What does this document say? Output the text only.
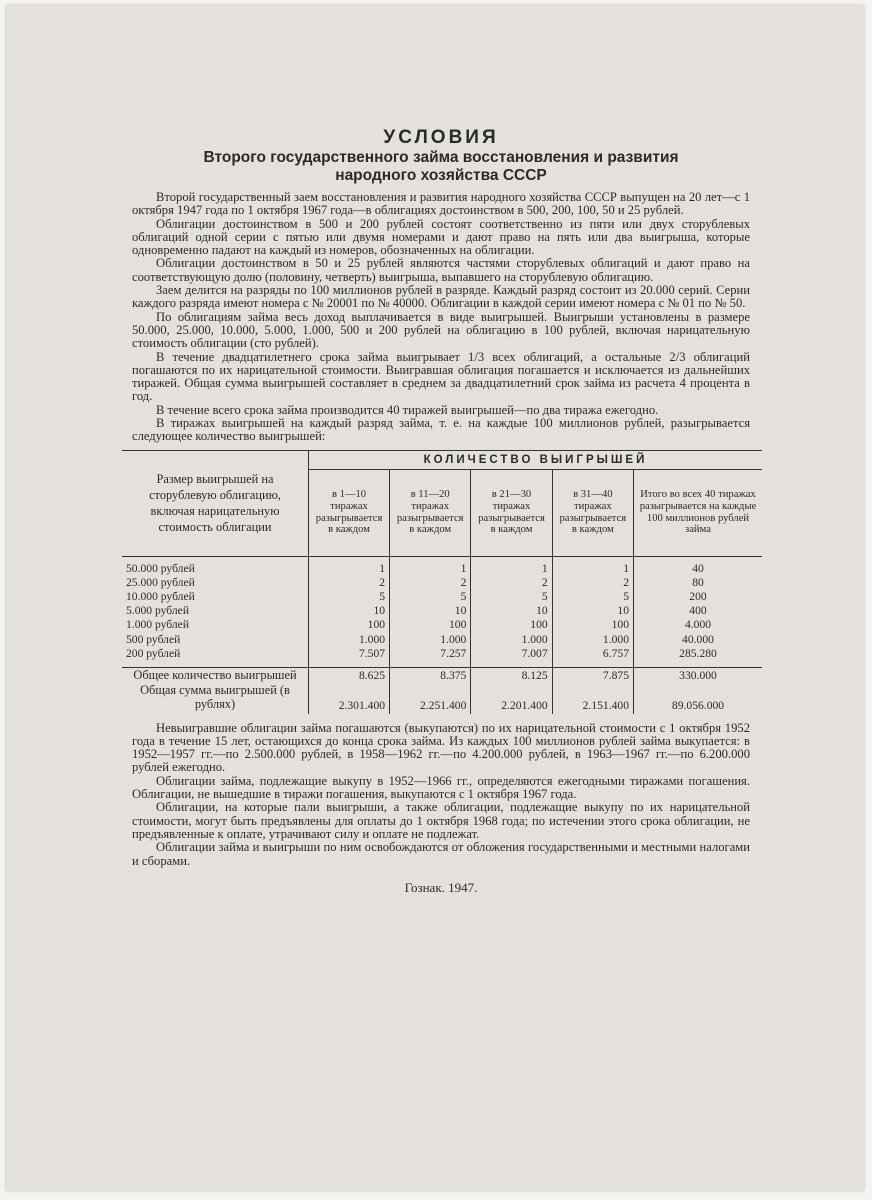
УСЛОВИЯ
Второго государственного займа восстановления и развития
народного хозяйства СССР

Второй государственный заем восстановления и развития народного хозяйства СССР выпущен на 20 лет—с 1 октября 1947 года по 1 октября 1967 года—в облигациях достоинством в 500, 200, 100, 50 и 25 рублей.

Облигации достоинством в 500 и 200 рублей состоят соответственно из пяти или двух сторублевых облигаций одной серии с пятью или двумя номерами и дают право на пять или два выигрыша, которые одновременно падают на каждый из номеров, обозначенных на облигации.

Облигации достоинством в 50 и 25 рублей являются частями сторублевых облигаций и дают право на соответствующую долю (половину, четверть) выигрыша, выпавшего на сторублевую облигацию.

Заем делится на разряды по 100 миллионов рублей в разряде. Каждый разряд состоит из 20.000 серий. Серии каждого разряда имеют номера с № 20001 по № 40000. Облигации в каждой серии имеют номера с № 01 по № 50.

По облигациям займа весь доход выплачивается в виде выигрышей. Выигрыши установлены в размере 50.000, 25.000, 10.000, 5.000, 1.000, 500 и 200 рублей на облигацию в 100 рублей, включая нарицательную стоимость облигации (сто рублей).

В течение двадцатилетнего срока займа выигрывает 1/3 всех облигаций, а остальные 2/3 облигаций погашаются по их нарицательной стоимости. Выигравшая облигация погашается и исключается из дальнейших тиражей. Общая сумма выигрышей составляет в среднем за двадцатилетний срок займа из расчета 4 процента в год.

В течение всего срока займа производится 40 тиражей выигрышей—по два тиража ежегодно.

В тиражах выигрышей на каждый разряд займа, т. е. на каждые 100 миллионов рублей, разыгрывается следующее количество выигрышей:

Размер выигрышей на сторублевую облигацию, включая нарицательную стоимость облигации	КОЛИЧЕСТВО ВЫИГРЫШЕЙ				
	в 1—10 тиражах разыгрывается в каждом	в 11—20 тиражах разыгрывается в каждом	в 21—30 тиражах разыгрывается в каждом	в 31—40 тиражах разыгрывается в каждом	Итого во всех 40 тиражах разыгрывается на каждые 100 миллионов рублей займа
50.000 рублей	1	1	1	1	40
25.000 рублей	2	2	2	2	80
10.000 рублей	5	5	5	5	200
5.000 рублей	10	10	10	10	400
1.000 рублей	100	100	100	100	4.000
500 рублей	1.000	1.000	1.000	1.000	40.000
200 рублей	7.507	7.257	7.007	6.757	285.280
Общее количество выигрышей	8.625	8.375	8.125	7.875	330.000
Общая сумма выигрышей (в рублях)	2.301.400	2.251.400	2.201.400	2.151.400	89.056.000

Невыигравшие облигации займа погашаются (выкупаются) по их нарицательной стоимости с 1 октября 1952 года в течение 15 лет, остающихся до конца срока займа. Из каждых 100 миллионов рублей займа выкупается: в 1952—1957 гг.—по 2.500.000 рублей, в 1958—1962 гг.—по 4.200.000 рублей, в 1963—1967 гг.—по 6.200.000 рублей ежегодно.

Облигации займа, подлежащие выкупу в 1952—1966 гг., определяются ежегодными тиражами погашения. Облигации, не вышедшие в тиражи погашения, выкупаются с 1 октября 1967 года.

Облигации, на которые пали выигрыши, а также облигации, подлежащие выкупу по их нарицательной стоимости, могут быть предъявлены для оплаты до 1 октября 1968 года; по истечении этого срока облигации, не предъявленные к оплате, утрачивают силу и оплате не подлежат.

Облигации займа и выигрыши по ним освобождаются от обложения государственными и местными налогами и сборами.

Гознак. 1947.
